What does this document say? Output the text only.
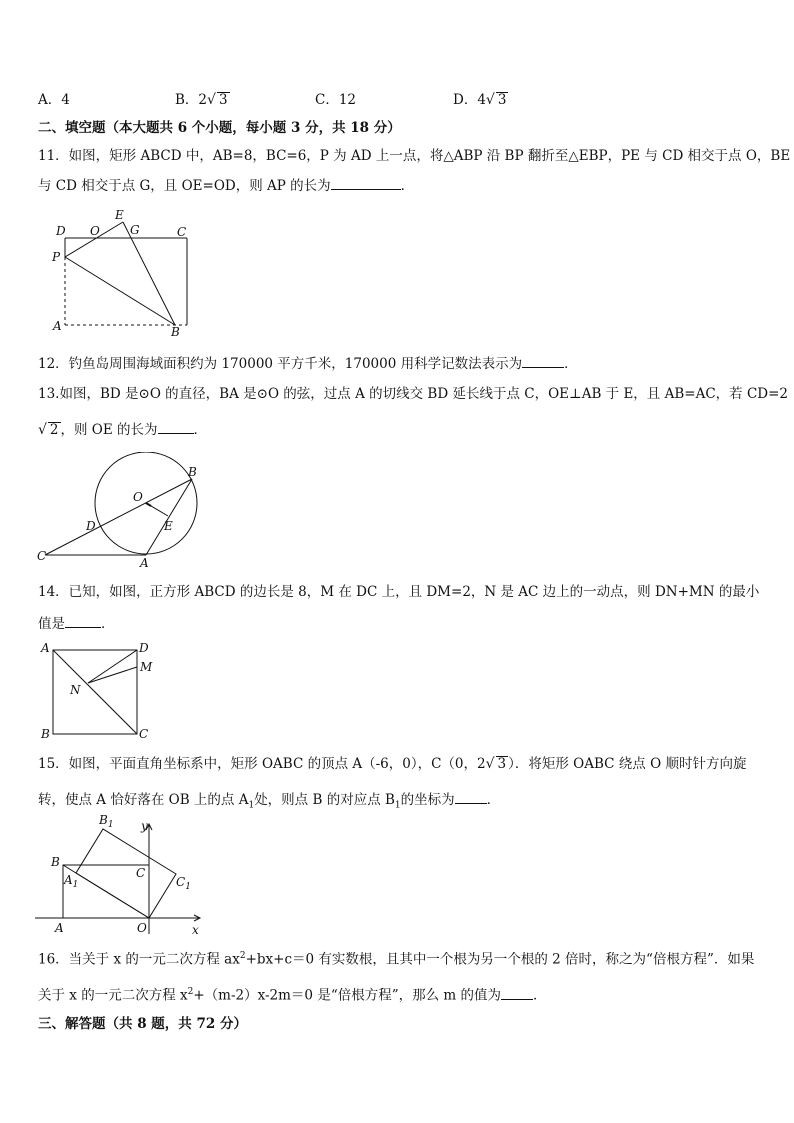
A．4	B．2√ 3	C．12	D．4√ 3
二、填空题（本大题共 6 个小题，每小题 3 分，共 18 分）
11．如图，矩形 ABCD 中，AB=8，BC=6，P 为 AD 上一点，将△ABP 沿 BP 翻折至△EBP，PE 与 CD 相交于点 O，BE
与 CD 相交于点 G，且 OE=OD，则 AP 的长为	．
D O
E
G	C
P
A	B
12．钓鱼岛周围海域面积约为 170000 平方千米，170000 用科学记数法表示为	．
13.如图，BD 是⊙O 的直径，BA 是⊙O 的弦，过点 A 的切线交 BD 延长线于点 C，OE⊥AB 于 E，且 AB=AC，若 CD=2
√ 2 ，则 OE 的长为	．
B
O
D	E
C	A
14．已知，如图，正方形 ABCD 的边长是 8，M 在 DC 上，且 DM=2，N 是 AC 边上的一动点，则 DN+MN 的最小
值是	．
A	D
M
N
B	C
15．如图，平面直角坐标系中，矩形 OABC 的顶点 A（-6，0），C（0，2√ 3 ）．将矩形 OABC 绕点 O 顺时针方向旋
转，使点 A 恰好落在 OB 上的点 $A_1$处，则点 B 的对应点 $B_1$的坐标为 ．
$B_1$ y
B
$A_1$
C
$C_1$
A	O	x
16．当关于 x 的一元二次方程 $ax^2+bx+c=0$ 有实数根，且其中一个根为另一个根的 2 倍时，称之为“倍根方程”．如果
关于 x 的一元二次方程 $x^2+(m-2)x-2m=0$ 是“倍根方程”，那么 m 的值为 ．
三、解答题（共 8 题，共 72 分）
